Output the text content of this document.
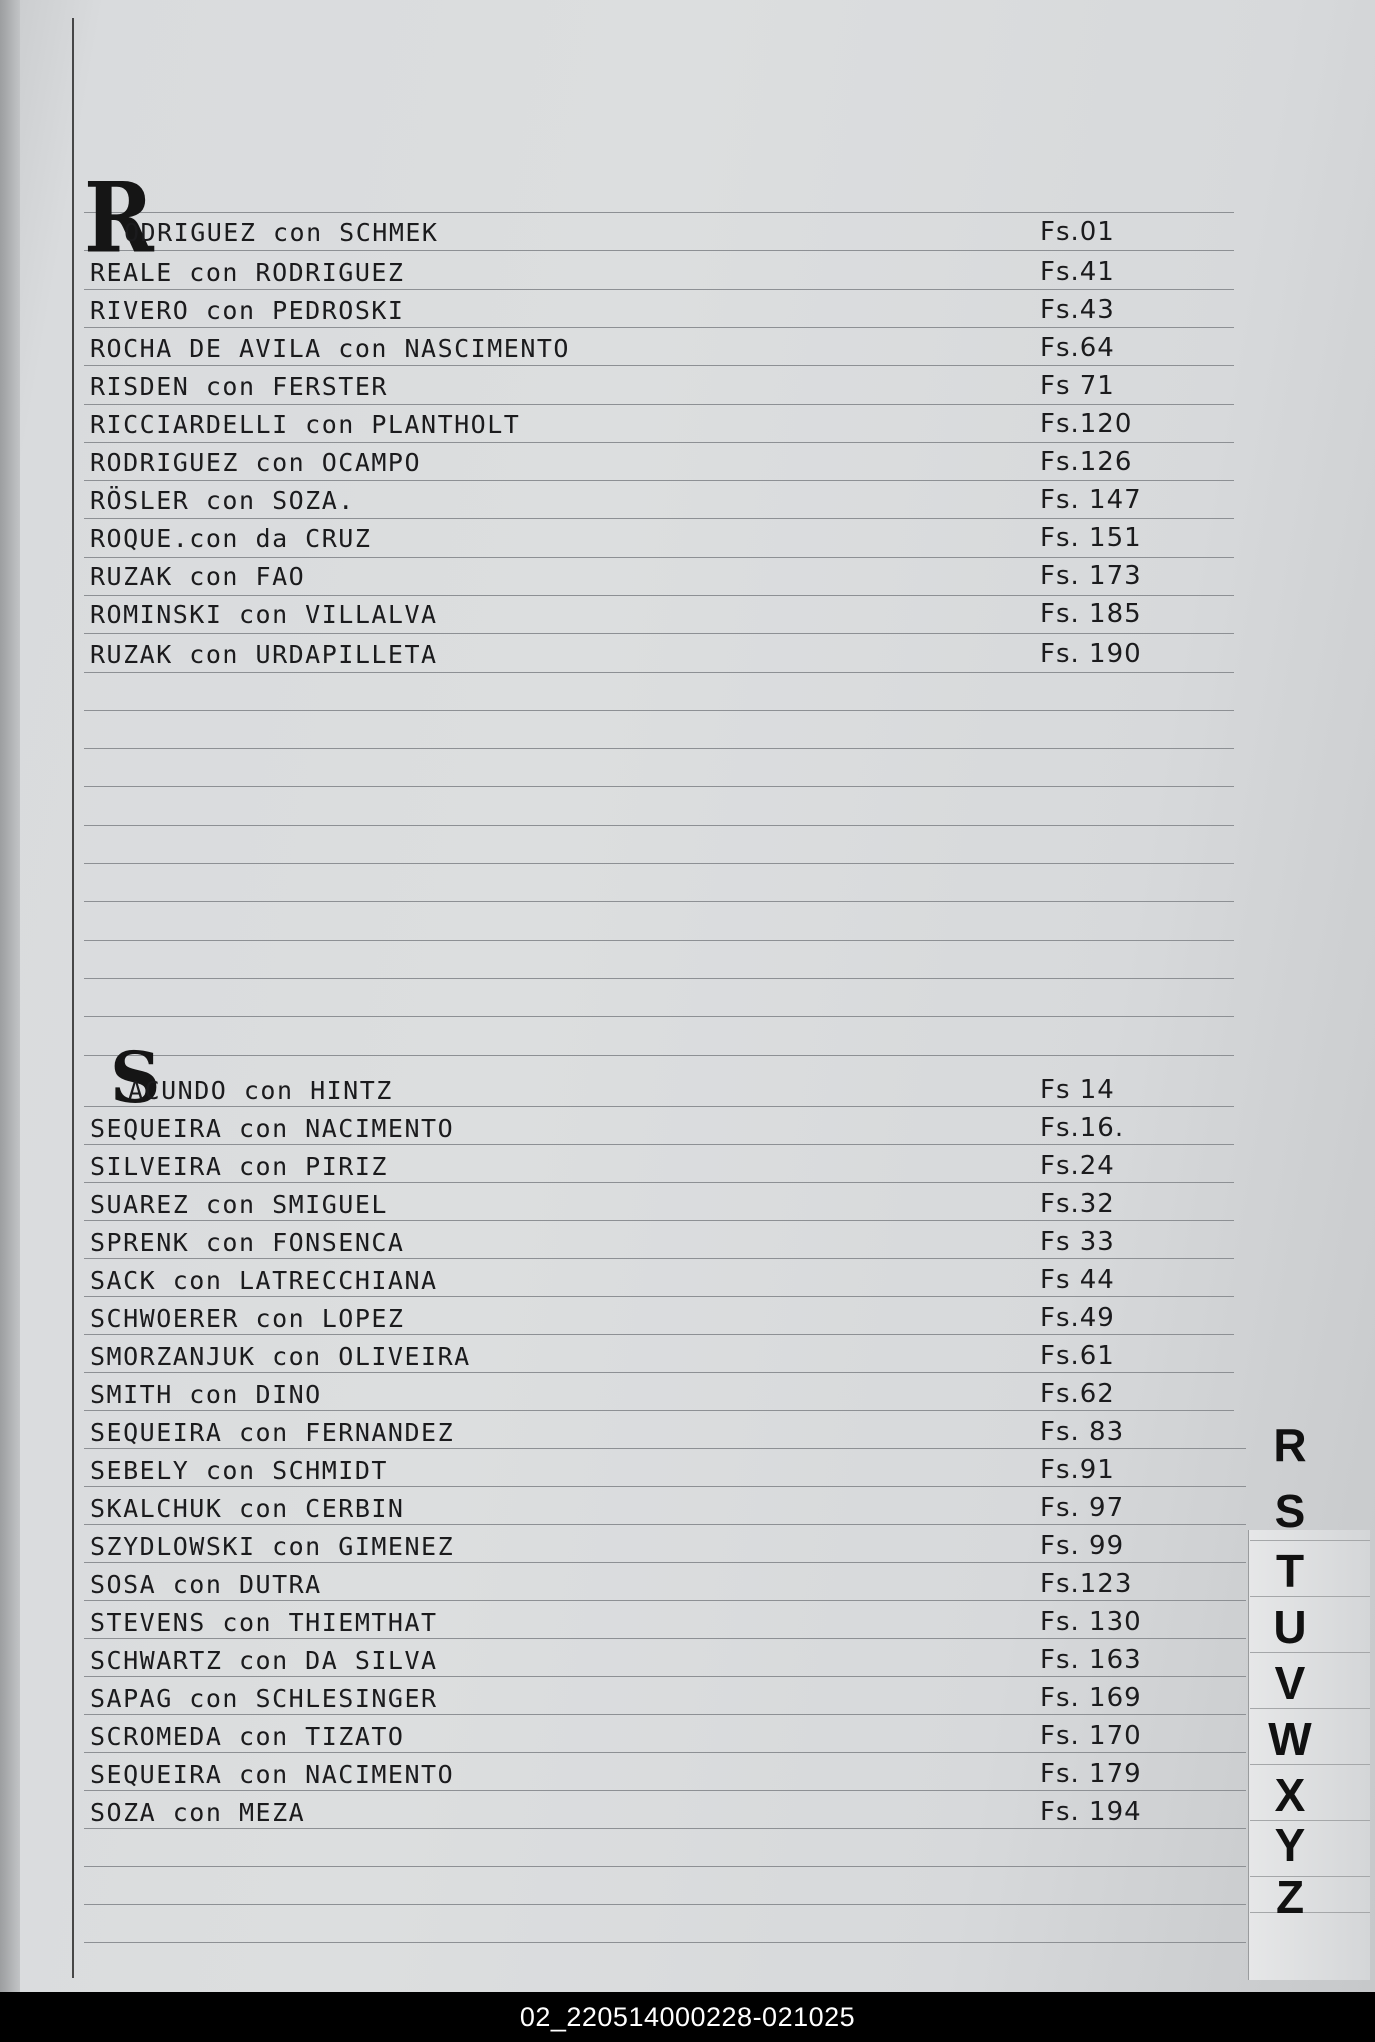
R
ODRIGUEZ con SCHMEK	Fs.01
REALE con RODRIGUEZ	Fs.41
RIVERO con PEDROSKI	Fs.43
ROCHA DE AVILA con NASCIMENTO	Fs.64
RISDEN con FERSTER	Fs 71
RICCIARDELLI con PLANTHOLT	Fs.120
RODRIGUEZ con OCAMPO	Fs.126
RÖSLER con SOZA.	Fs. 147
ROQUE.con da CRUZ	Fs. 151
RUZAK con FAO	Fs. 173
ROMINSKI con VILLALVA	Fs. 185
RUZAK con URDAPILLETA	Fs. 190
S
ACUNDO con HINTZ	Fs 14
SEQUEIRA con NACIMENTO	Fs.16.
SILVEIRA con PIRIZ	Fs.24
SUAREZ con SMIGUEL	Fs.32
SPRENK con FONSENCA	Fs 33
SACK con LATRECCHIANA	Fs 44
SCHWOERER con LOPEZ	Fs.49
SMORZANJUK con OLIVEIRA	Fs.61
SMITH con DINO	Fs.62
SEQUEIRA con FERNANDEZ	Fs. 83
SEBELY con SCHMIDT	Fs.91
SKALCHUK con CERBIN	Fs. 97
SZYDLOWSKI con GIMENEZ	Fs. 99
SOSA con DUTRA	Fs.123
STEVENS con THIEMTHAT	Fs. 130
SCHWARTZ con DA SILVA	Fs. 163
SAPAG con SCHLESINGER	Fs. 169
SCROMEDA con TIZATO	Fs. 170
SEQUEIRA con NACIMENTO	Fs. 179
SOZA con MEZA	Fs. 194
R
S
T
U
V
W
X
Y
Z
02_220514000228-021025
